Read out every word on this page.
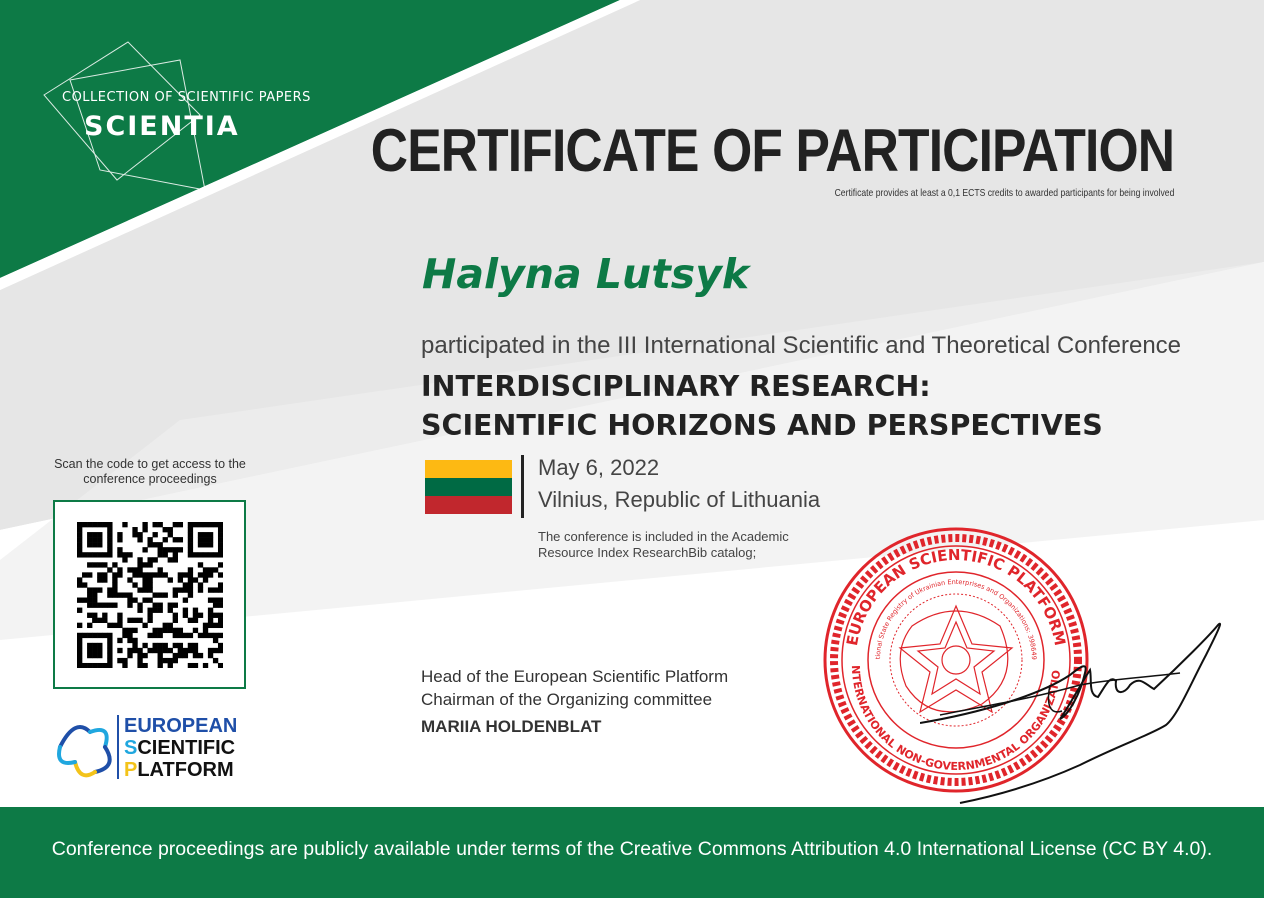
COLLECTION OF SCIENTIFIC PAPERS
SCIENTIA CERTIFICATE OF PARTICIPATION
Certificate provides at least a 0,1 ECTS credits to awarded participants for being involved
Halyna Lutsyk
participated in the III International Scientific and Theoretical Conference
INTERDISCIPLINARY RESEARCH:
SCIENTIFIC HORIZONS AND PERSPECTIVES
May 6, 2022
Vilnius, Republic of Lithuania
The conference is included in the Academic Resource Index ResearchBib catalog;
Scan the code to get access to the conference proceedings
EUROPEAN
SCIENTIFIC
PLATFORM
Head of the European Scientific Platform
Chairman of the Organizing committee
MARIIA HOLDENBLAT
EUROPEAN SCIENTIFIC PLATFORM
tional State Registry of Ukrainian Enterprises and Organizations: 398649
NTERNATIONAL NON-GOVERNMENTAL ORGANIZATIO
Conference proceedings are publicly available under terms of the Creative Commons Attribution 4.0 International License (CC BY 4.0).
